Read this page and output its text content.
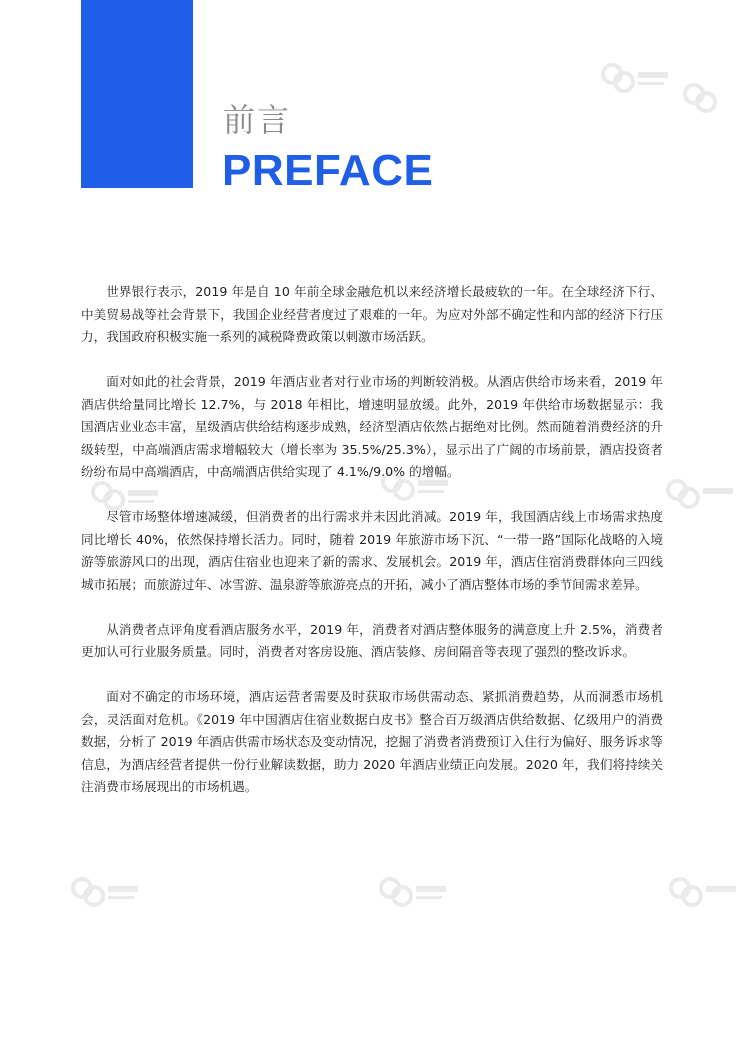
前言
PREFACE

世界银行表示，2019 年是自 10 年前全球金融危机以来经济增长最疲软的一年。在全球经济下行、中美贸易战等社会背景下，我国企业经营者度过了艰难的一年。为应对外部不确定性和内部的经济下行压力，我国政府积极实施一系列的减税降费政策以刺激市场活跃。

面对如此的社会背景，2019 年酒店业者对行业市场的判断较消极。从酒店供给市场来看，2019 年酒店供给量同比增长 12.7%，与 2018 年相比，增速明显放缓。此外，2019 年供给市场数据显示：我国酒店业业态丰富，星级酒店供给结构逐步成熟，经济型酒店依然占据绝对比例。然而随着消费经济的升级转型，中高端酒店需求增幅较大（增长率为 35.5%/25.3%），显示出了广阔的市场前景，酒店投资者纷纷布局中高端酒店，中高端酒店供给实现了 4.1%/9.0% 的增幅。

尽管市场整体增速减缓，但消费者的出行需求并未因此消减。2019 年，我国酒店线上市场需求热度同比增长 40%，依然保持增长活力。同时，随着 2019 年旅游市场下沉、“一带一路”国际化战略的入境游等旅游风口的出现，酒店住宿业也迎来了新的需求、发展机会。2019 年，酒店住宿消费群体向三四线城市拓展；而旅游过年、冰雪游、温泉游等旅游亮点的开拓，减小了酒店整体市场的季节间需求差异。

从消费者点评角度看酒店服务水平，2019 年，消费者对酒店整体服务的满意度上升 2.5%，消费者更加认可行业服务质量。同时，消费者对客房设施、酒店装修、房间隔音等表现了强烈的整改诉求。

面对不确定的市场环境，酒店运营者需要及时获取市场供需动态、紧抓消费趋势，从而洞悉市场机会，灵活面对危机。《2019 年中国酒店住宿业数据白皮书》整合百万级酒店供给数据、亿级用户的消费数据，分析了 2019 年酒店供需市场状态及变动情况，挖掘了消费者消费预订入住行为偏好、服务诉求等信息，为酒店经营者提供一份行业解读数据，助力 2020 年酒店业绩正向发展。2020 年，我们将持续关注消费市场展现出的市场机遇。
